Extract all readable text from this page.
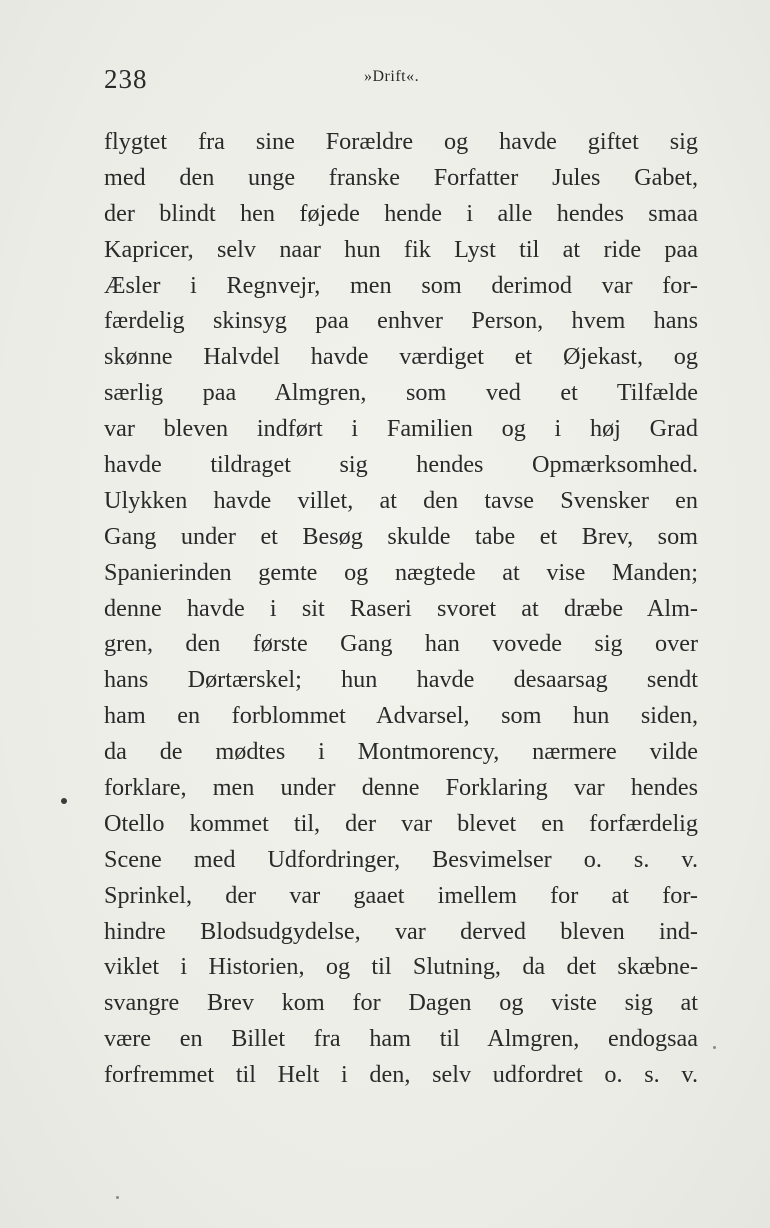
238	»Drift«.
flygtet fra sine Forældre og havde giftet sig
med den unge franske Forfatter Jules Gabet,
der blindt hen føjede hende i alle hendes smaa
Kapricer, selv naar hun fik Lyst til at ride paa
Æsler i Regnvejr, men som derimod var for-
færdelig skinsyg paa enhver Person, hvem hans
skønne Halvdel havde værdiget et Øjekast, og
særlig paa Almgren, som ved et Tilfælde
var bleven indført i Familien og i høj Grad
havde tildraget sig hendes Opmærksomhed.
Ulykken havde villet, at den tavse Svensker en
Gang under et Besøg skulde tabe et Brev, som
Spanierinden gemte og nægtede at vise Manden;
denne havde i sit Raseri svoret at dræbe Alm-
gren, den første Gang han vovede sig over
hans Dørtærskel; hun havde desaarsag sendt
ham en forblommet Advarsel, som hun siden,
da de mødtes i Montmorency, nærmere vilde
forklare, men under denne Forklaring var hendes
Otello kommet til, der var blevet en forfærdelig
Scene med Udfordringer, Besvimelser o. s. v.
Sprinkel, der var gaaet imellem for at for-
hindre Blodsudgydelse, var derved bleven ind-
viklet i Historien, og til Slutning, da det skæbne-
svangre Brev kom for Dagen og viste sig at
være en Billet fra ham til Almgren, endogsaa
forfremmet til Helt i den, selv udfordret o. s. v.
